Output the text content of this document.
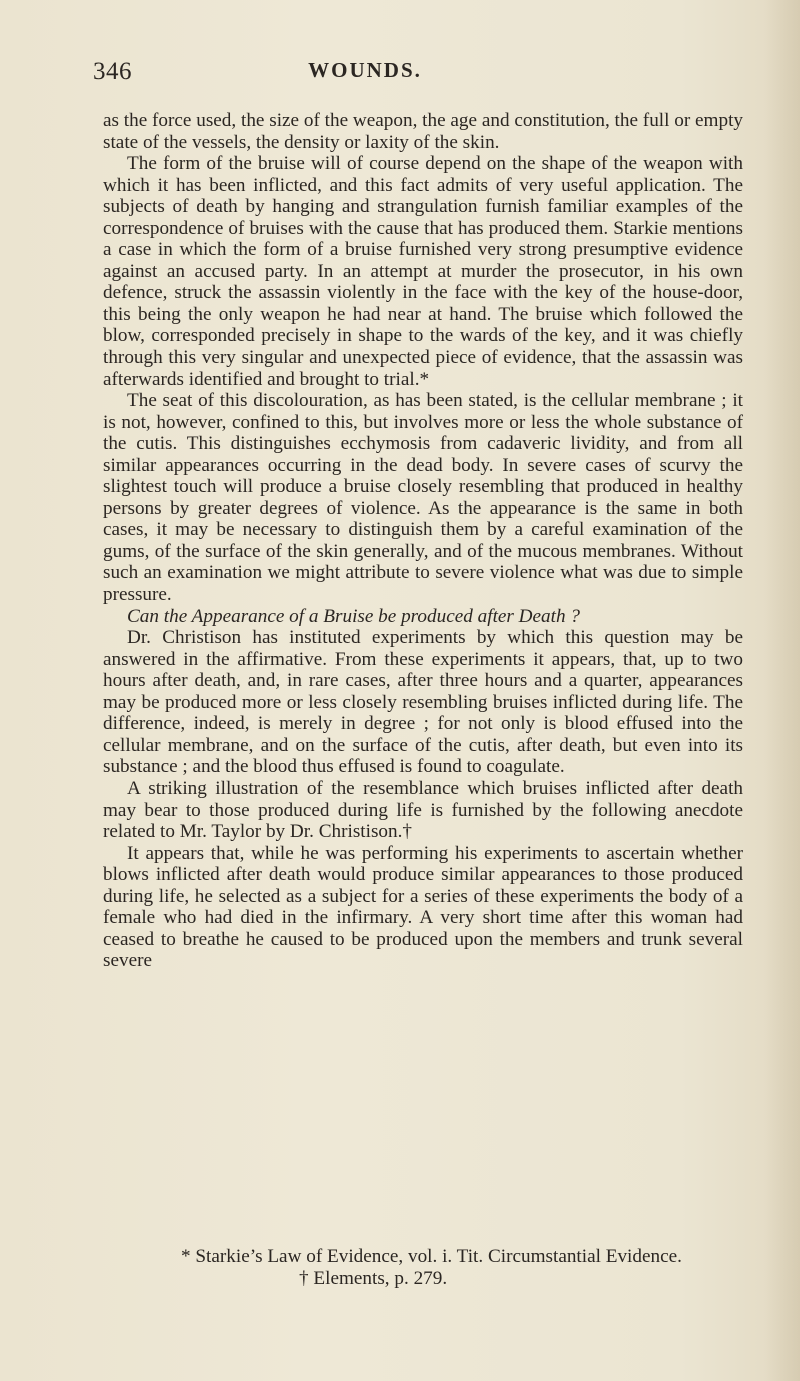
346	WOUNDS.

as the force used, the size of the weapon, the age and constitution, the full or empty state of the vessels, the density or laxity of the skin.

The form of the bruise will of course depend on the shape of the weapon with which it has been inflicted, and this fact admits of very useful application. The subjects of death by hanging and strangulation furnish familiar examples of the correspondence of bruises with the cause that has produced them. Starkie mentions a case in which the form of a bruise furnished very strong presumptive evidence against an accused party. In an attempt at murder the prosecutor, in his own defence, struck the assassin violently in the face with the key of the house-door, this being the only weapon he had near at hand. The bruise which followed the blow, corresponded precisely in shape to the wards of the key, and it was chiefly through this very singular and unexpected piece of evidence, that the assassin was afterwards identified and brought to trial.*

The seat of this discolouration, as has been stated, is the cellular membrane ; it is not, however, confined to this, but involves more or less the whole substance of the cutis. This distinguishes ecchymosis from cadaveric lividity, and from all similar appearances occurring in the dead body. In severe cases of scurvy the slightest touch will produce a bruise closely resembling that produced in healthy persons by greater degrees of violence. As the appearance is the same in both cases, it may be necessary to distinguish them by a careful examination of the gums, of the surface of the skin generally, and of the mucous membranes. Without such an examination we might attribute to severe violence what was due to simple pressure.

Can the Appearance of a Bruise be produced after Death ?

Dr. Christison has instituted experiments by which this question may be answered in the affirmative. From these experiments it appears, that, up to two hours after death, and, in rare cases, after three hours and a quarter, appearances may be produced more or less closely resembling bruises inflicted during life. The difference, indeed, is merely in degree ; for not only is blood effused into the cellular membrane, and on the surface of the cutis, after death, but even into its substance ; and the blood thus effused is found to coagulate.

A striking illustration of the resemblance which bruises inflicted after death may bear to those produced during life is furnished by the following anecdote related to Mr. Taylor by Dr. Christison.†

It appears that, while he was performing his experiments to ascertain whether blows inflicted after death would produce similar appearances to those produced during life, he selected as a subject for a series of these experiments the body of a female who had died in the infirmary. A very short time after this woman had ceased to breathe he caused to be produced upon the members and trunk several severe

* Starkie’s Law of Evidence, vol. i. Tit. Circumstantial Evidence.

† Elements, p. 279.
